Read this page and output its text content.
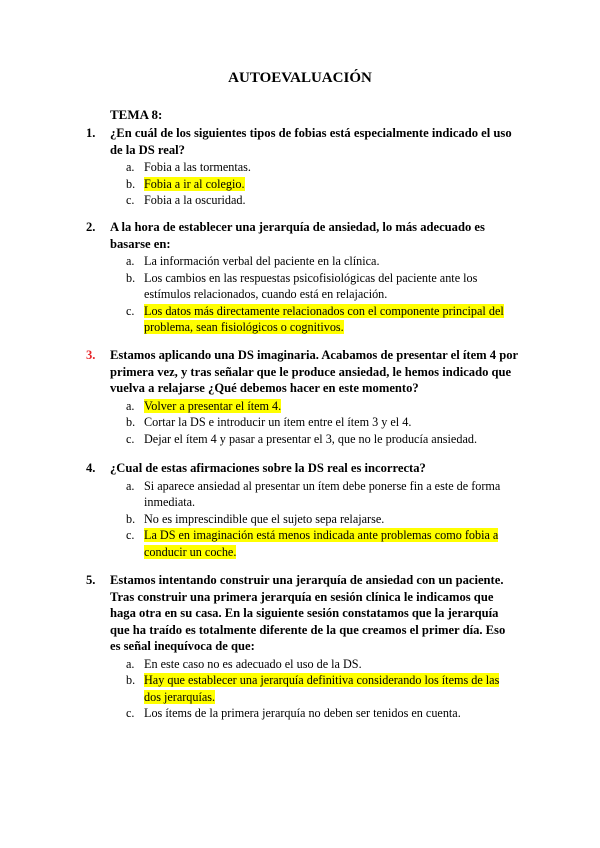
AUTOEVALUACIÓN
TEMA 8:
1. ¿En cuál de los siguientes tipos de fobias está especialmente indicado el uso de la DS real?
a. Fobia a las tormentas.
b. Fobia a ir al colegio.
c. Fobia a la oscuridad.
2. A la hora de establecer una jerarquía de ansiedad, lo más adecuado es basarse en:
a. La información verbal del paciente en la clínica.
b. Los cambios en las respuestas psicofisiológicas del paciente ante los estímulos relacionados, cuando está en relajación.
c. Los datos más directamente relacionados con el componente principal del problema, sean fisiológicos o cognitivos.
3. Estamos aplicando una DS imaginaria. Acabamos de presentar el ítem 4 por primera vez, y tras señalar que le produce ansiedad, le hemos indicado que vuelva a relajarse ¿Qué debemos hacer en este momento?
a. Volver a presentar el ítem 4.
b. Cortar la DS e introducir un ítem entre el ítem 3 y el 4.
c. Dejar el ítem 4 y pasar a presentar el 3, que no le producía ansiedad.
4. ¿Cual de estas afirmaciones sobre la DS real es incorrecta?
a. Si aparece ansiedad al presentar un ítem debe ponerse fin a este de forma inmediata.
b. No es imprescindible que el sujeto sepa relajarse.
c. La DS en imaginación está menos indicada ante problemas como fobia a conducir un coche.
5. Estamos intentando construir una jerarquía de ansiedad con un paciente. Tras construir una primera jerarquía en sesión clínica le indicamos que haga otra en su casa. En la siguiente sesión constatamos que la jerarquía que ha traído es totalmente diferente de la que creamos el primer día. Eso es señal inequívoca de que:
a. En este caso no es adecuado el uso de la DS.
b. Hay que establecer una jerarquía definitiva considerando los ítems de las dos jerarquías.
c. Los ítems de la primera jerarquía no deben ser tenidos en cuenta.
